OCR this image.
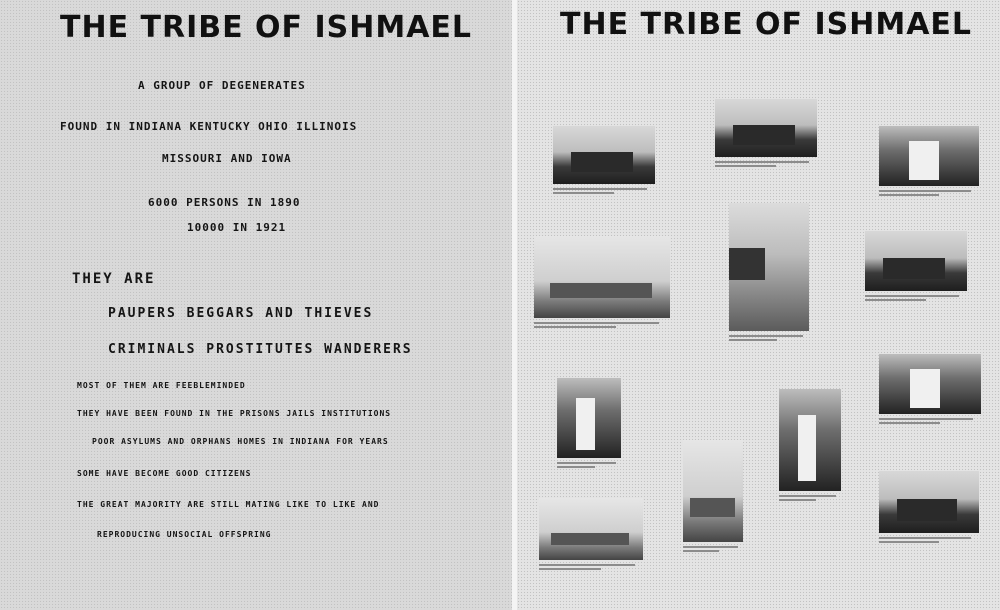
THE TRIBE OF ISHMAEL

A GROUP OF DEGENERATES

FOUND IN INDIANA KENTUCKY OHIO ILLINOIS

MISSOURI AND IOWA

6000 PERSONS IN 1890

10000 IN 1921

THEY ARE

PAUPERS BEGGARS AND THIEVES

CRIMINALS PROSTITUTES WANDERERS

MOST OF THEM ARE FEEBLEMINDED

THEY HAVE BEEN FOUND IN THE PRISONS JAILS INSTITUTIONS

POOR ASYLUMS AND ORPHANS HOMES IN INDIANA FOR YEARS

SOME HAVE BECOME GOOD CITIZENS

THE GREAT MAJORITY ARE STILL MATING LIKE TO LIKE AND

REPRODUCING UNSOCIAL OFFSPRING

THE TRIBE OF ISHMAEL
